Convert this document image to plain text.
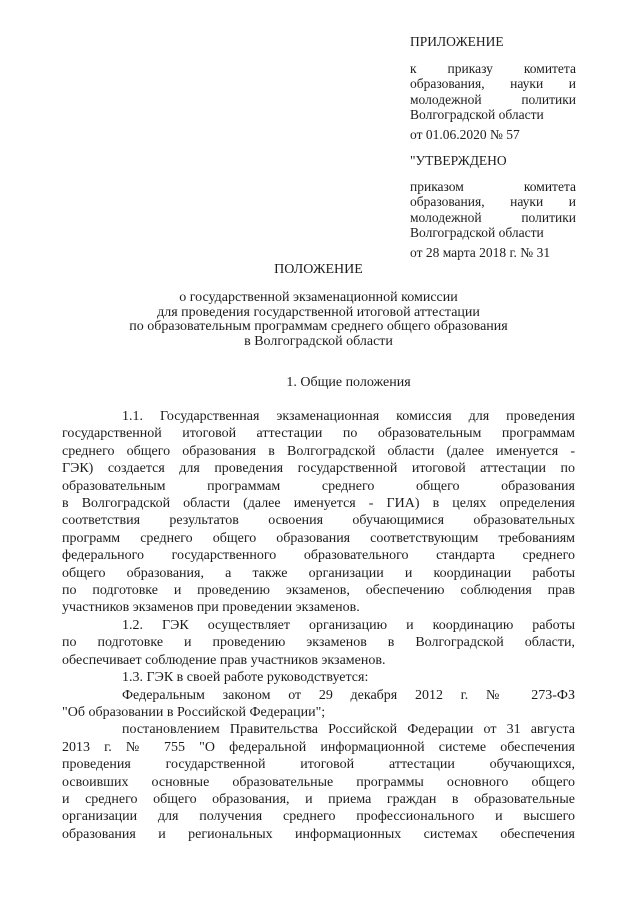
ПРИЛОЖЕНИЕ
к приказу комитета
образования, науки и
молодежной политики
Волгоградской области
от 01.06.2020 № 57
"УТВЕРЖДЕНО
приказом комитета
образования, науки и
молодежной политики
Волгоградской области
от 28 марта 2018 г. № 31
ПОЛОЖЕНИЕ
о государственной экзаменационной комиссии
для проведения государственной итоговой аттестации
по образовательным программам среднего общего образования
в Волгоградской области
1. Общие положения
1.1. Государственная экзаменационная комиссия для проведения
государственной итоговой аттестации по образовательным программам
среднего общего образования в Волгоградской области (далее именуется -
ГЭК) создается для проведения государственной итоговой аттестации по
образовательным программам среднего общего образования
в Волгоградской области (далее именуется - ГИА) в целях определения
соответствия результатов освоения обучающимися образовательных
программ среднего общего образования соответствующим требованиям
федерального государственного образовательного стандарта среднего
общего образования, а также организации и координации работы
по подготовке и проведению экзаменов, обеспечению соблюдения прав
участников экзаменов при проведении экзаменов.
1.2. ГЭК осуществляет организацию и координацию работы
по подготовке и проведению экзаменов в Волгоградской области,
обеспечивает соблюдение прав участников экзаменов.
1.3. ГЭК в своей работе руководствуется:
Федеральным законом от 29 декабря 2012 г. № 273-ФЗ
"Об образовании в Российской Федерации";
постановлением Правительства Российской Федерации от 31 августа
2013 г. № 755 "О федеральной информационной системе обеспечения
проведения государственной итоговой аттестации обучающихся,
освоивших основные образовательные программы основного общего
и среднего общего образования, и приема граждан в образовательные
организации для получения среднего профессионального и высшего
образования и региональных информационных системах обеспечения
